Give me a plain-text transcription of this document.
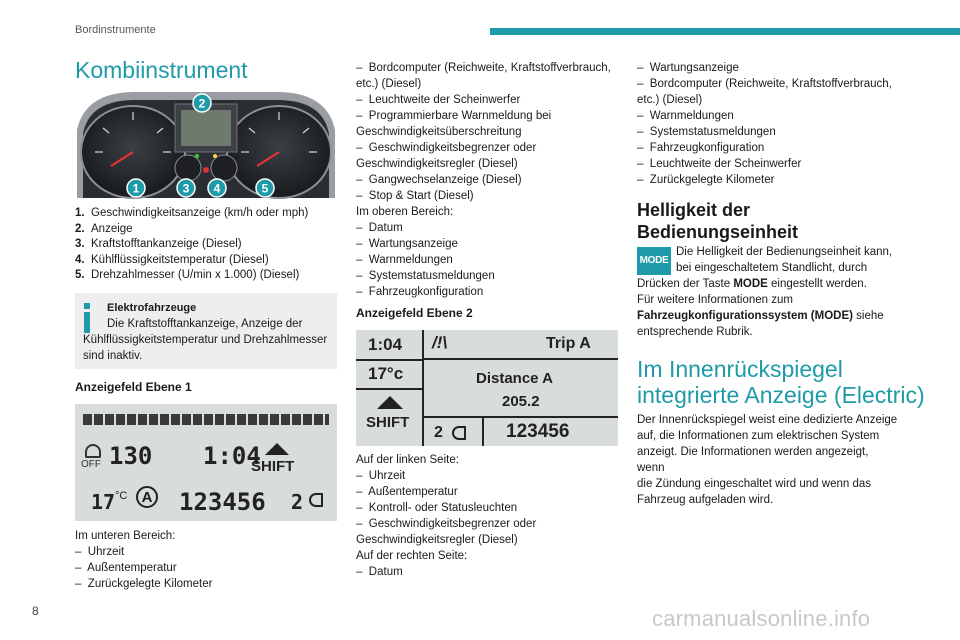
Bordinstrumente
Kombiinstrument
2
1	3 4	5
1. Geschwindigkeitsanzeige (km/h oder mph)
2. Anzeige
3. Kraftstofftankanzeige (Diesel)
4. Kühlflüssigkeitstemperatur (Diesel)
5. Drehzahlmesser (U/min x 1.000) (Diesel)
Elektrofahrzeuge
Die Kraftstofftankanzeige, Anzeige der
Kühlflüssigkeitstemperatur und Drehzahlmesser
sind inaktiv.
Anzeigefeld Ebene 1
OFF 130 1:04
SHIFT
17 °C A 123456 2
Im unteren Bereich:
–  Uhrzeit
–  Außentemperatur
–  Zurückgelegte Kilometer
–  Bordcomputer (Reichweite, Kraftstoffverbrauch,
etc.) (Diesel)
–  Leuchtweite der Scheinwerfer
–  Programmierbare Warnmeldung bei
Geschwindigkeitsüberschreitung
–  Geschwindigkeitsbegrenzer oder
Geschwindigkeitsregler (Diesel)
–  Gangwechselanzeige (Diesel)
–  Stop & Start (Diesel)
Im oberen Bereich:
–  Datum
–  Wartungsanzeige
–  Warnmeldungen
–  Systemstatusmeldungen
–  Fahrzeugkonfiguration
Anzeigefeld Ebene 2
1:04 /!\	Trip A
17°c	Distance A
205.2
SHIFT
2	123456
Auf der linken Seite:
–  Uhrzeit
–  Außentemperatur
–  Kontroll- oder Statusleuchten
–  Geschwindigkeitsbegrenzer oder
Geschwindigkeitsregler (Diesel)
Auf der rechten Seite:
–  Datum
–  Wartungsanzeige
–  Bordcomputer (Reichweite, Kraftstoffverbrauch,
etc.) (Diesel)
–  Warnmeldungen
–  Systemstatusmeldungen
–  Fahrzeugkonfiguration
–  Leuchtweite der Scheinwerfer
–  Zurückgelegte Kilometer
Helligkeit der
Bedienungseinheit
MODE
Die Helligkeit der Bedienungseinheit kann,
bei eingeschaltetem Standlicht, durch
Drücken der Taste MODE eingestellt werden.
Für weitere Informationen zum
Fahrzeugkonfigurationssystem (MODE) siehe
entsprechende Rubrik.
Im Innenrückspiegel
integrierte Anzeige (Electric)
Der Innenrückspiegel weist eine dedizierte Anzeige
auf, die Informationen zum elektrischen System
anzeigt. Die Informationen werden angezeigt, wenn
die Zündung eingeschaltet wird und wenn das
Fahrzeug aufgeladen wird.
8	carmanualsonline.info
